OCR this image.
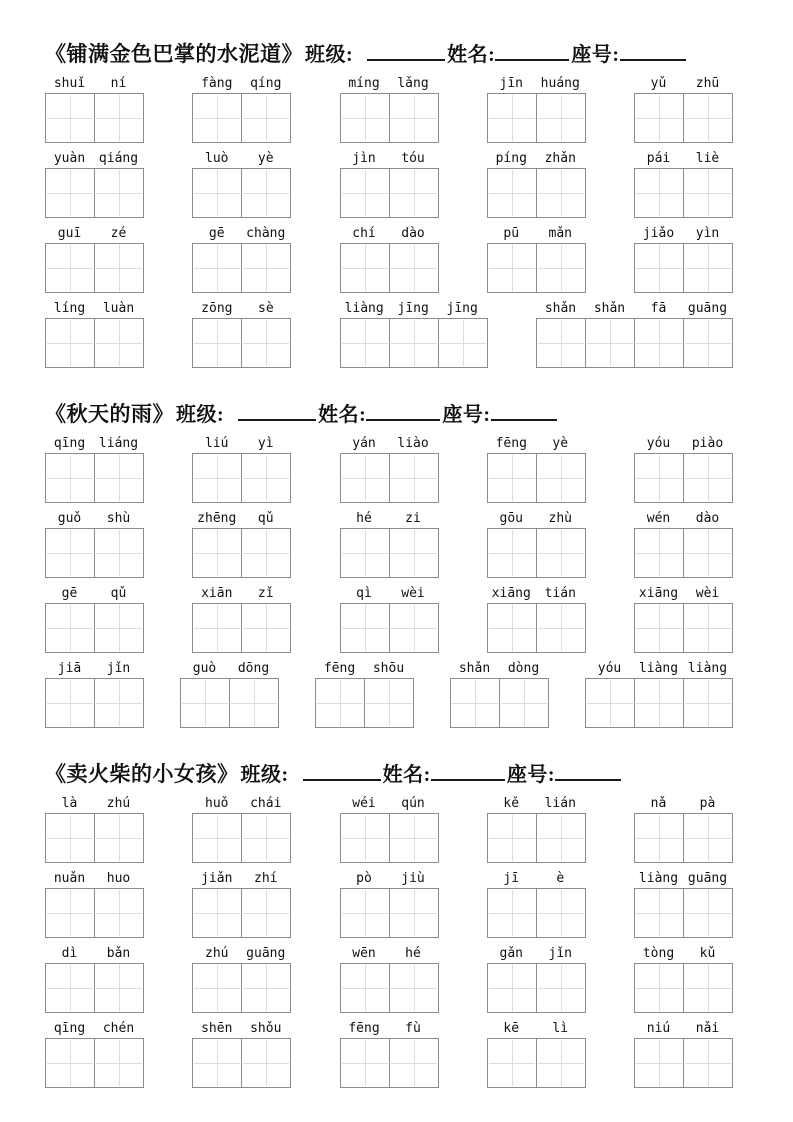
《铺满金色巴掌的水泥道》 班级:	姓名:	座号:
shuǐ	ní	fàng	qíng	míng	lǎng	jīn	huáng	yǔ	zhū
yuàn	qiáng	luò	yè	jìn	tóu	píng	zhǎn	pái	liè
guī	zé	gē	chàng	chí	dào	pū	mǎn	jiǎo	yìn
líng	luàn	zōng	sè	liàng	jīng	jīng	shǎn	shǎn	fā	guāng
《秋天的雨》 班级:	姓名:	座号:
qīng	liáng	liú	yì	yán	liào	fēng	yè	yóu	piào
guǒ	shù	zhēng	qǔ	hé	zi	gōu	zhù	wén	dào
gē	qǔ	xiān	zǐ	qì	wèi	xiāng	tián	xiāng	wèi
jiā	jǐn	guò	dōng	fēng	shōu	shǎn	dòng	yóu	liàng liàng
《卖火柴的小女孩》 班级:	姓名:	座号:
là	zhú	huǒ	chái	wéi	qún	kě	lián	nǎ	pà
nuǎn	huo	jiǎn	zhí	pò	jiù	jī	è	liàng guāng
dì	bǎn	zhú	guāng	wēn	hé	gǎn	jǐn	tòng	kǔ
qīng	chén	shēn	shǒu	fēng	fù	kē	lì	niú	nǎi
